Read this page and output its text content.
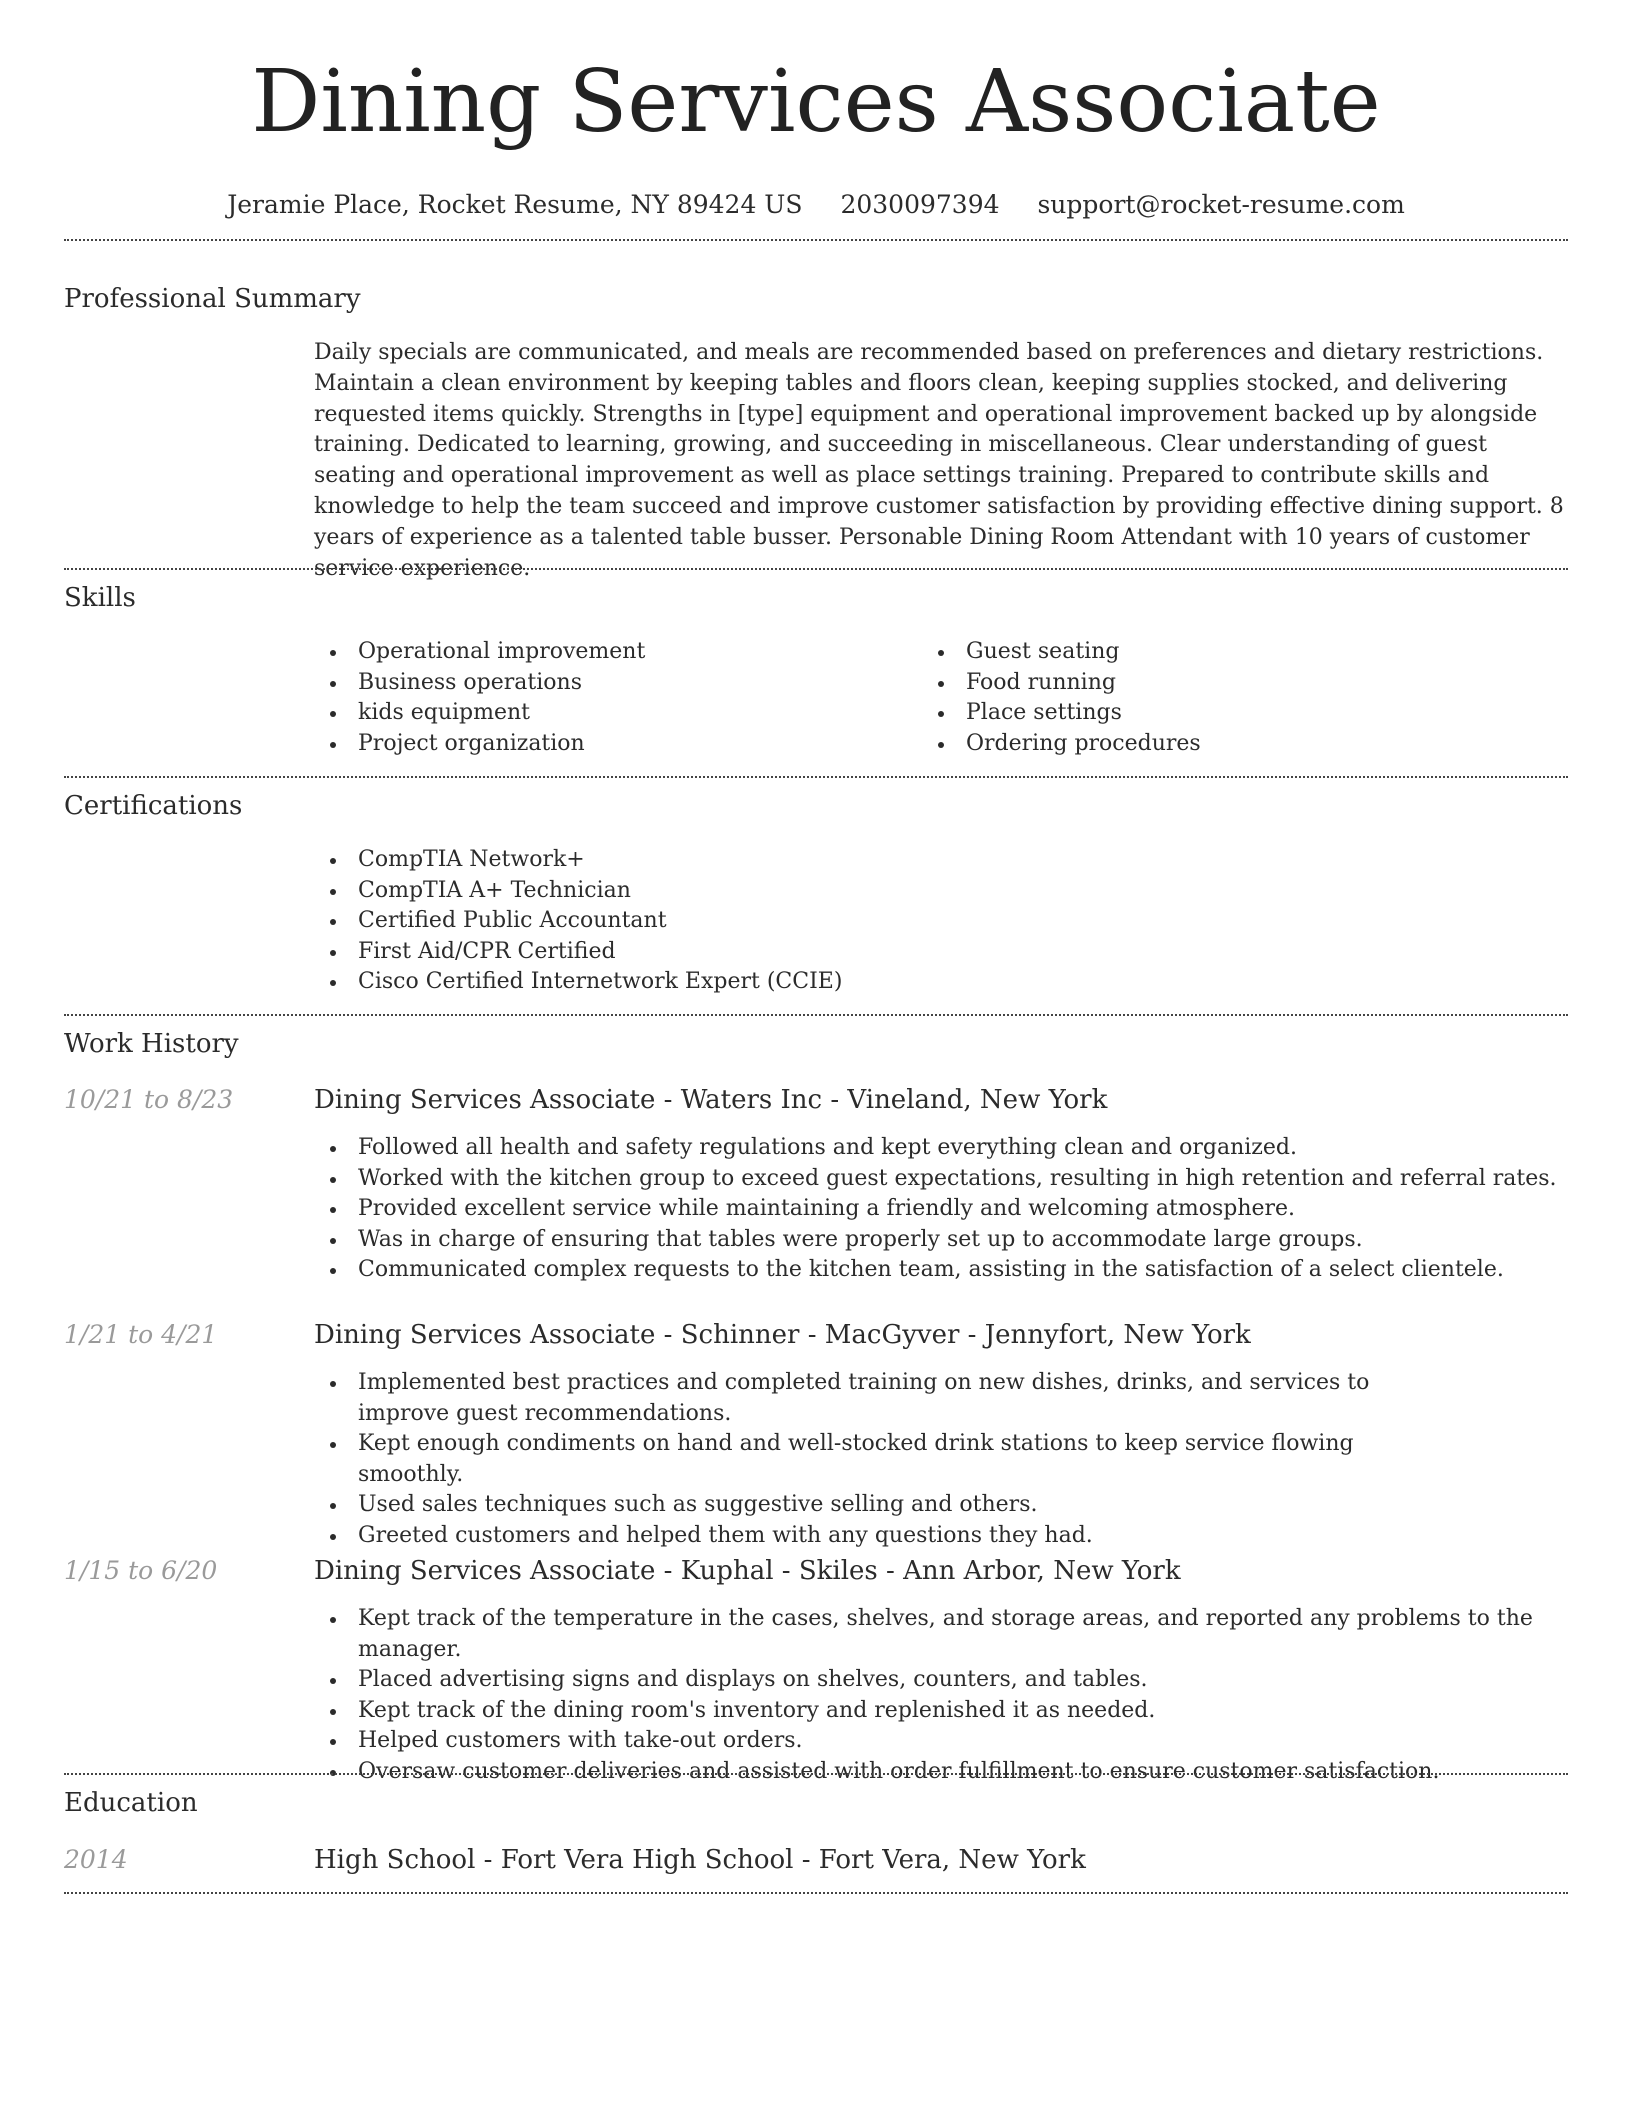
Dining Services Associate
Jeramie Place, Rocket Resume, NY 89424 US 2030097394 support@rocket-resume.com
Professional Summary
Daily specials are communicated, and meals are recommended based on preferences and dietary restrictions. Maintain a clean environment by keeping tables and floors clean, keeping supplies stocked, and delivering requested items quickly. Strengths in [type] equipment and operational improvement backed up by alongside training. Dedicated to learning, growing, and succeeding in miscellaneous. Clear understanding of guest seating and operational improvement as well as place settings training. Prepared to contribute skills and knowledge to help the team succeed and improve customer satisfaction by providing effective dining support. 8 years of experience as a talented table busser. Personable Dining Room Attendant with 10 years of customer service experience.
Skills
Operational improvement
Business operations
kids equipment
Project organization
Guest seating
Food running
Place settings
Ordering procedures
Certifications
CompTIA Network+
CompTIA A+ Technician
Certified Public Accountant
First Aid/CPR Certified
Cisco Certified Internetwork Expert (CCIE)
Work History
10/21 to 8/23	Dining Services Associate - Waters Inc - Vineland, New York
Followed all health and safety regulations and kept everything clean and organized.
Worked with the kitchen group to exceed guest expectations, resulting in high retention and referral rates.
Provided excellent service while maintaining a friendly and welcoming atmosphere.
Was in charge of ensuring that tables were properly set up to accommodate large groups.
Communicated complex requests to the kitchen team, assisting in the satisfaction of a select clientele.
1/21 to 4/21	Dining Services Associate - Schinner - MacGyver - Jennyfort, New York
Implemented best practices and completed training on new dishes, drinks, and services to improve guest recommendations.
Kept enough condiments on hand and well-stocked drink stations to keep service flowing smoothly.
Used sales techniques such as suggestive selling and others.
Greeted customers and helped them with any questions they had.
1/15 to 6/20	Dining Services Associate - Kuphal - Skiles - Ann Arbor, New York
Kept track of the temperature in the cases, shelves, and storage areas, and reported any problems to the manager.
Placed advertising signs and displays on shelves, counters, and tables.
Kept track of the dining room's inventory and replenished it as needed.
Helped customers with take-out orders.
Oversaw customer deliveries and assisted with order fulfillment to ensure customer satisfaction.
Education
2014	High School - Fort Vera High School - Fort Vera, New York
